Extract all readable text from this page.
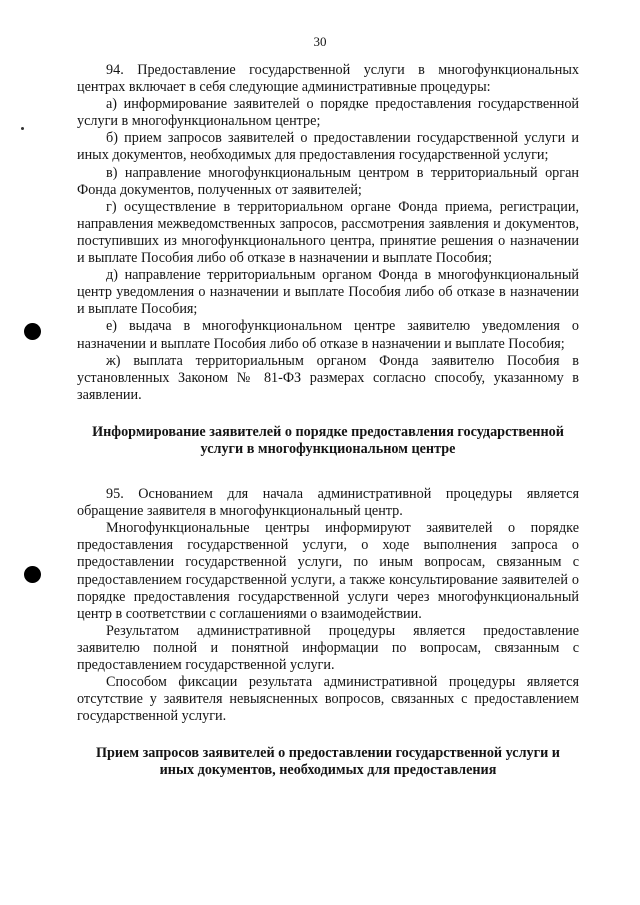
30

94. Предоставление государственной услуги в многофункциональных центрах включает в себя следующие административные процедуры:

а) информирование заявителей о порядке предоставления государственной услуги в многофункциональном центре;

б) прием запросов заявителей о предоставлении государственной услуги и иных документов, необходимых для предоставления государственной услуги;

в) направление многофункциональным центром в территориальный орган Фонда документов, полученных от заявителей;

г) осуществление в территориальном органе Фонда приема, регистрации, направления межведомственных запросов, рассмотрения заявления и документов, поступивших из многофункционального центра, принятие решения о назначении и выплате Пособия либо об отказе в назначении и выплате Пособия;

д) направление территориальным органом Фонда в многофункциональный центр уведомления о назначении и выплате Пособия либо об отказе в назначении и выплате Пособия;

е) выдача в многофункциональном центре заявителю уведомления о назначении и выплате Пособия либо об отказе в назначении и выплате Пособия;

ж) выплата территориальным органом Фонда заявителю Пособия в установленных Законом № 81-ФЗ размерах согласно способу, указанному в заявлении.

Информирование заявителей о порядке предоставления государственной услуги в многофункциональном центре

95. Основанием для начала административной процедуры является обращение заявителя в многофункциональный центр.

Многофункциональные центры информируют заявителей о порядке предоставления государственной услуги, о ходе выполнения запроса о предоставлении государственной услуги, по иным вопросам, связанным с предоставлением государственной услуги, а также консультирование заявителей о порядке предоставления государственной услуги через многофункциональный центр в соответствии с соглашениями о взаимодействии.

Результатом административной процедуры является предоставление заявителю полной и понятной информации по вопросам, связанным с предоставлением государственной услуги.

Способом фиксации результата административной процедуры является отсутствие у заявителя невыясненных вопросов, связанных с предоставлением государственной услуги.

Прием запросов заявителей о предоставлении государственной услуги и иных документов, необходимых для предоставления
